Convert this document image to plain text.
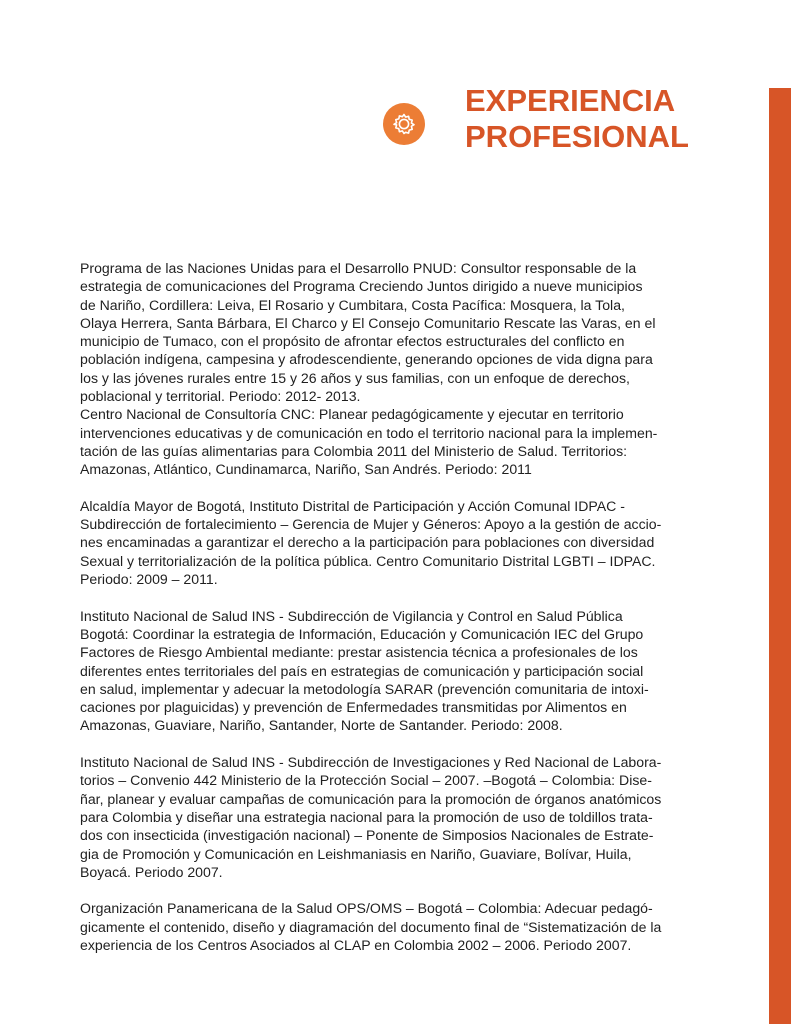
EXPERIENCIA
PROFESIONAL

Programa de las Naciones Unidas para el Desarrollo PNUD: Consultor responsable de la

estrategia de comunicaciones del Programa Creciendo Juntos dirigido a nueve municipios

de Nariño, Cordillera: Leiva, El Rosario y Cumbitara, Costa Pacífica: Mosquera, la Tola,

Olaya Herrera, Santa Bárbara, El Charco y El Consejo Comunitario Rescate las Varas, en el

municipio de Tumaco, con el propósito de afrontar efectos estructurales del conflicto en

población indígena, campesina y afrodescendiente, generando opciones de vida digna para

los y las jóvenes rurales entre 15 y 26 años y sus familias, con un enfoque de derechos,

poblacional y territorial. Periodo: 2012- 2013.

Centro Nacional de Consultoría CNC: Planear pedagógicamente y ejecutar en territorio

intervenciones educativas y de comunicación en todo el territorio nacional para la implemen-

tación de las guías alimentarias para Colombia 2011 del Ministerio de Salud. Territorios:

Amazonas, Atlántico, Cundinamarca, Nariño, San Andrés. Periodo: 2011

Alcaldía Mayor de Bogotá, Instituto Distrital de Participación y Acción Comunal IDPAC -

Subdirección de fortalecimiento – Gerencia de Mujer y Géneros: Apoyo a la gestión de accio-

nes encaminadas a garantizar el derecho a la participación para poblaciones con diversidad

Sexual y territorialización de la política pública. Centro Comunitario Distrital LGBTI – IDPAC.

Periodo: 2009 – 2011.

Instituto Nacional de Salud INS - Subdirección de Vigilancia y Control en Salud Pública

Bogotá: Coordinar la estrategia de Información, Educación y Comunicación IEC del Grupo

Factores de Riesgo Ambiental mediante: prestar asistencia técnica a profesionales de los

diferentes entes territoriales del país en estrategias de comunicación y participación social

en salud, implementar y adecuar la metodología SARAR (prevención comunitaria de intoxi-

caciones por plaguicidas) y prevención de Enfermedades transmitidas por Alimentos en

Amazonas, Guaviare, Nariño, Santander, Norte de Santander. Periodo: 2008.

Instituto Nacional de Salud INS - Subdirección de Investigaciones y Red Nacional de Labora-

torios – Convenio 442 Ministerio de la Protección Social – 2007. –Bogotá – Colombia: Dise-

ñar, planear y evaluar campañas de comunicación para la promoción de órganos anatómicos

para Colombia y diseñar una estrategia nacional para la promoción de uso de toldillos trata-

dos con insecticida (investigación nacional) – Ponente de Simposios Nacionales de Estrate-

gia de Promoción y Comunicación en Leishmaniasis en Nariño, Guaviare, Bolívar, Huila,

Boyacá. Periodo 2007.

Organización Panamericana de la Salud OPS/OMS – Bogotá – Colombia: Adecuar pedagó-

gicamente el contenido, diseño y diagramación del documento final de “Sistematización de la

experiencia de los Centros Asociados al CLAP en Colombia 2002 – 2006. Periodo 2007.
